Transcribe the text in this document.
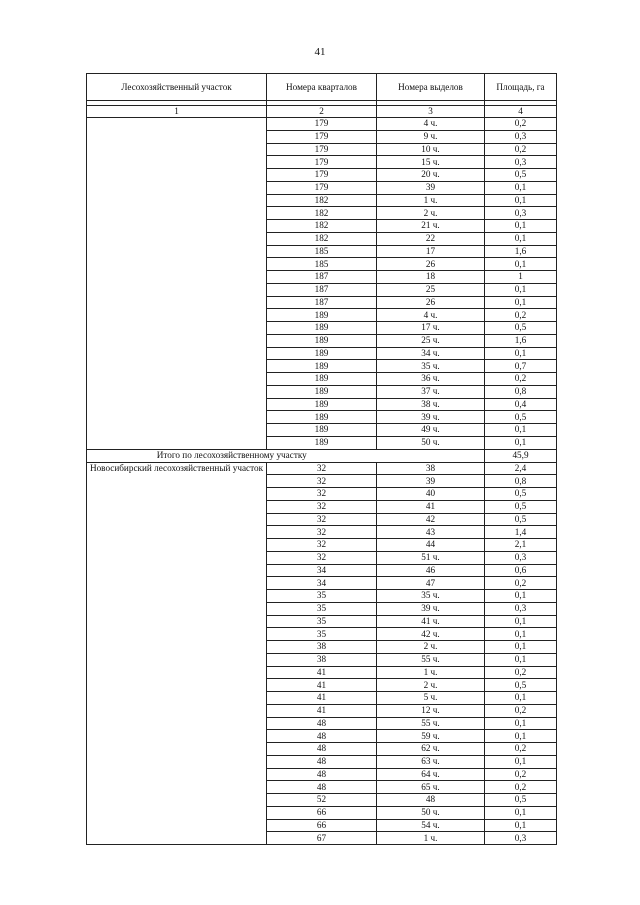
41
Лесохозяйственный участок	Номера кварталов	Номера выделов	Площадь, га

1	2	3	4
	179	4 ч.	0,2
	179	9 ч.	0,3
	179	10 ч.	0,2
	179	15 ч.	0,3
	179	20 ч.	0,5
	179	39	0,1
	182	1 ч.	0,1
	182	2 ч.	0,3
	182	21 ч.	0,1
	182	22	0,1
	185	17	1,6
	185	26	0,1
	187	18	1
	187	25	0,1
	187	26	0,1
	189	4 ч.	0,2
	189	17 ч.	0,5
	189	25 ч.	1,6
	189	34 ч.	0,1
	189	35 ч.	0,7
	189	36 ч.	0,2
	189	37 ч.	0,8
	189	38 ч.	0,4
	189	39 ч.	0,5
	189	49 ч.	0,1
	189	50 ч.	0,1
Итого по лесохозяйственному участку			45,9
Новосибирский лесохозяйственный участок	32	38	2,4
	32	39	0,8
	32	40	0,5
	32	41	0,5
	32	42	0,5
	32	43	1,4
	32	44	2,1
	32	51 ч.	0,3
	34	46	0,6
	34	47	0,2
	35	35 ч.	0,1
	35	39 ч.	0,3
	35	41 ч.	0,1
	35	42 ч.	0,1
	38	2 ч.	0,1
	38	55 ч.	0,1
	41	1 ч.	0,2
	41	2 ч.	0,5
	41	5 ч.	0,1
	41	12 ч.	0,2
	48	55 ч.	0,1
	48	59 ч.	0,1
	48	62 ч.	0,2
	48	63 ч.	0,1
	48	64 ч.	0,2
	48	65 ч.	0,2
	52	48	0,5
	66	50 ч.	0,1
	66	54 ч.	0,1
	67	1 ч.	0,3
